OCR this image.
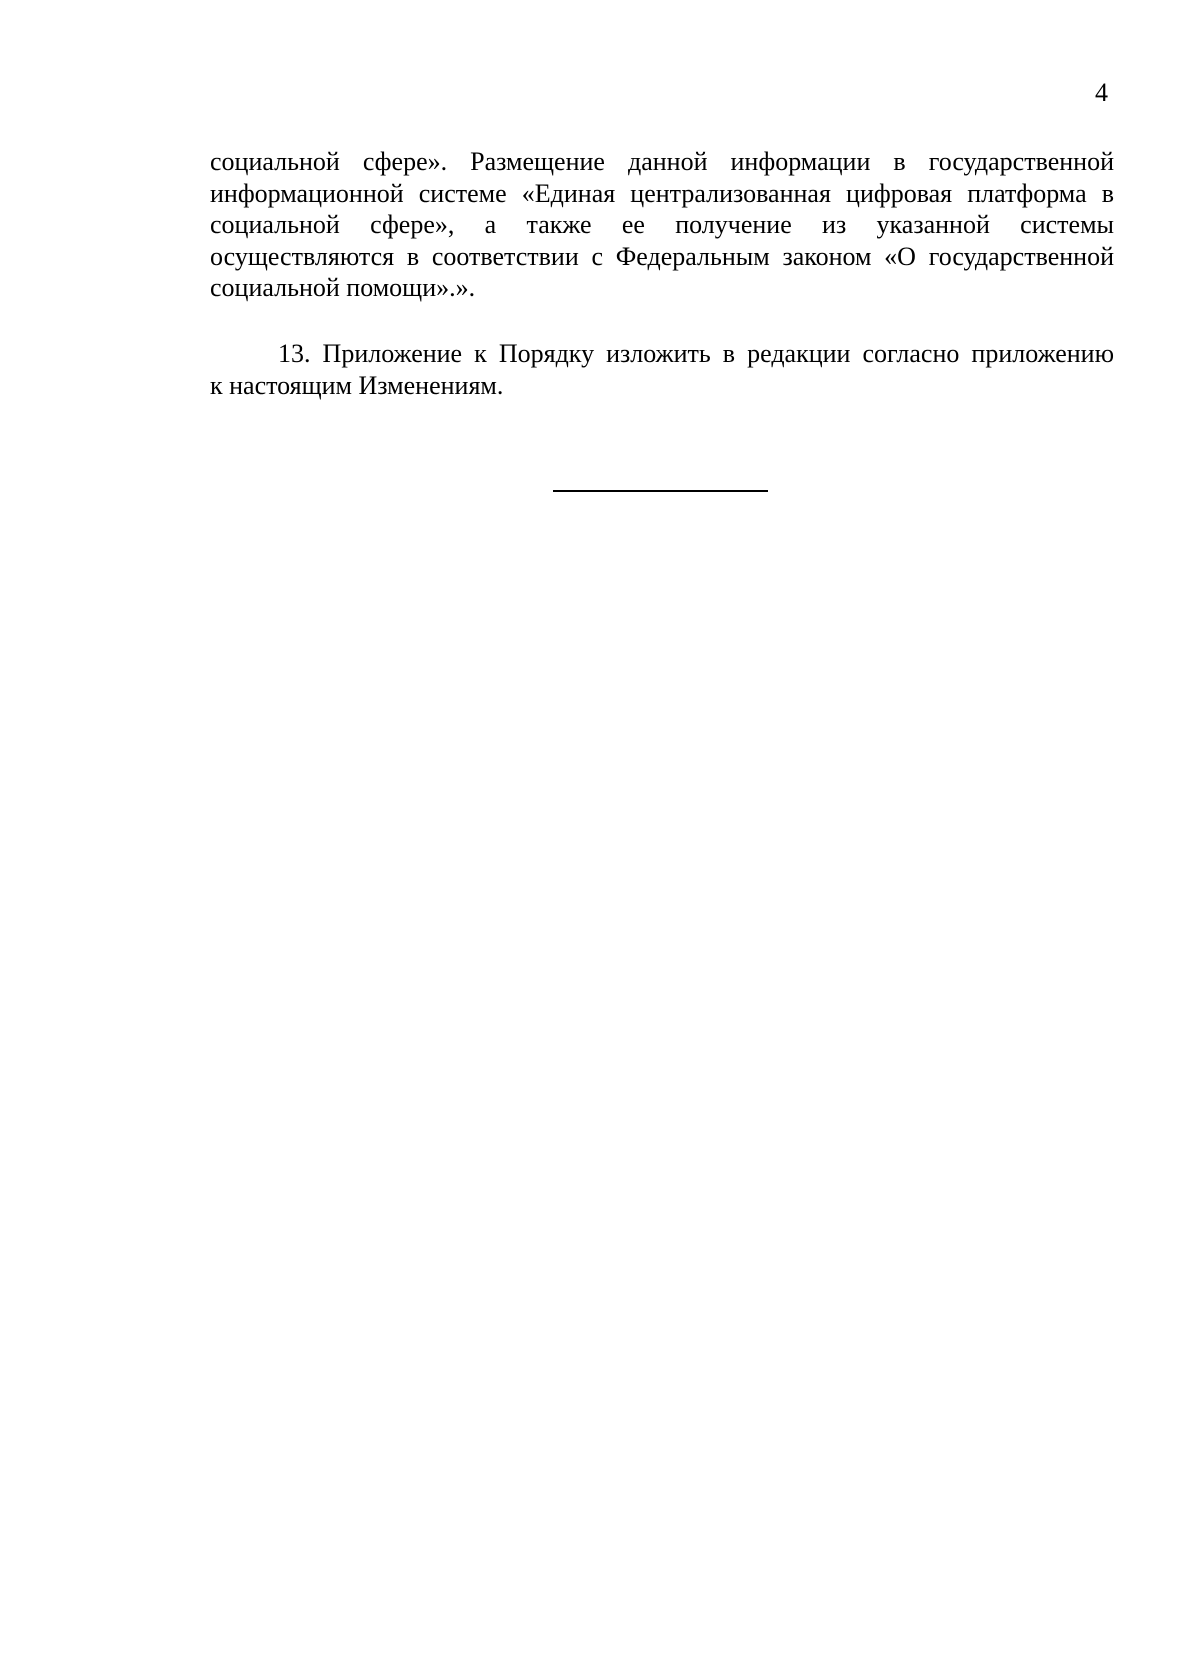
4
социальной сфере». Размещение данной информации в государственной
информационной системе «Единая централизованная цифровая платформа в
социальной сфере», а также ее получение из указанной системы
осуществляются в соответствии с Федеральным законом «О государственной
социальной помощи».».
13. Приложение к Порядку изложить в редакции согласно приложению
к настоящим Изменениям.
